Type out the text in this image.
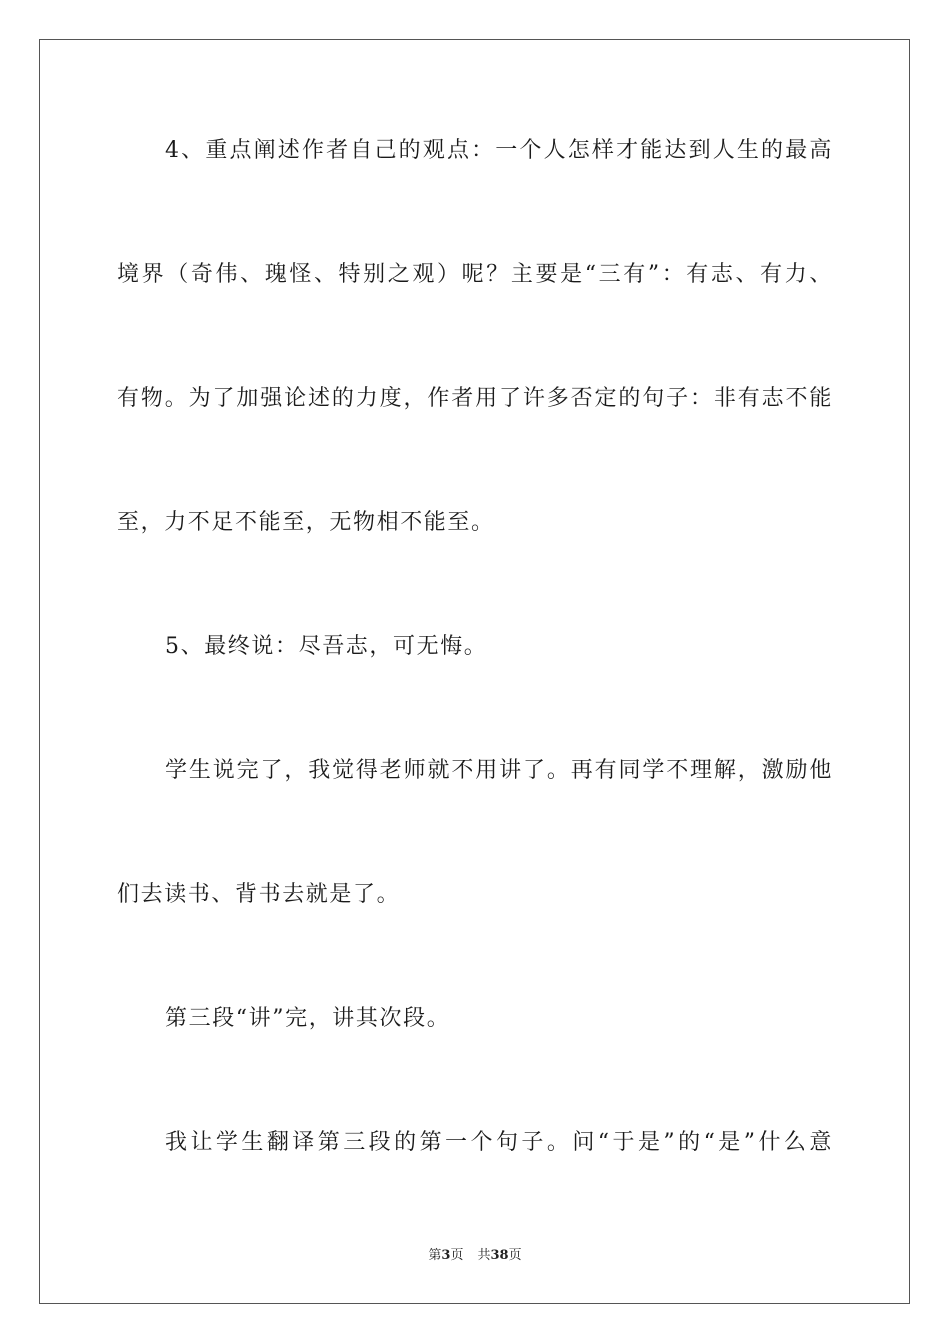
4、重点阐述作者自己的观点：一个人怎样才能达到人生的最高
境界（奇伟、瑰怪、特别之观）呢？主要是“三有”：有志、有力、
有物。为了加强论述的力度，作者用了许多否定的句子：非有志不能
至，力不足不能至，无物相不能至。
5、最终说：尽吾志，可无悔。
学生说完了，我觉得老师就不用讲了。再有同学不理解，激励他
们去读书、背书去就是了。
第三段“讲”完，讲其次段。
我让学生翻译第三段的第一个句子。问“于是”的“是”什么意
第3页 共38页
